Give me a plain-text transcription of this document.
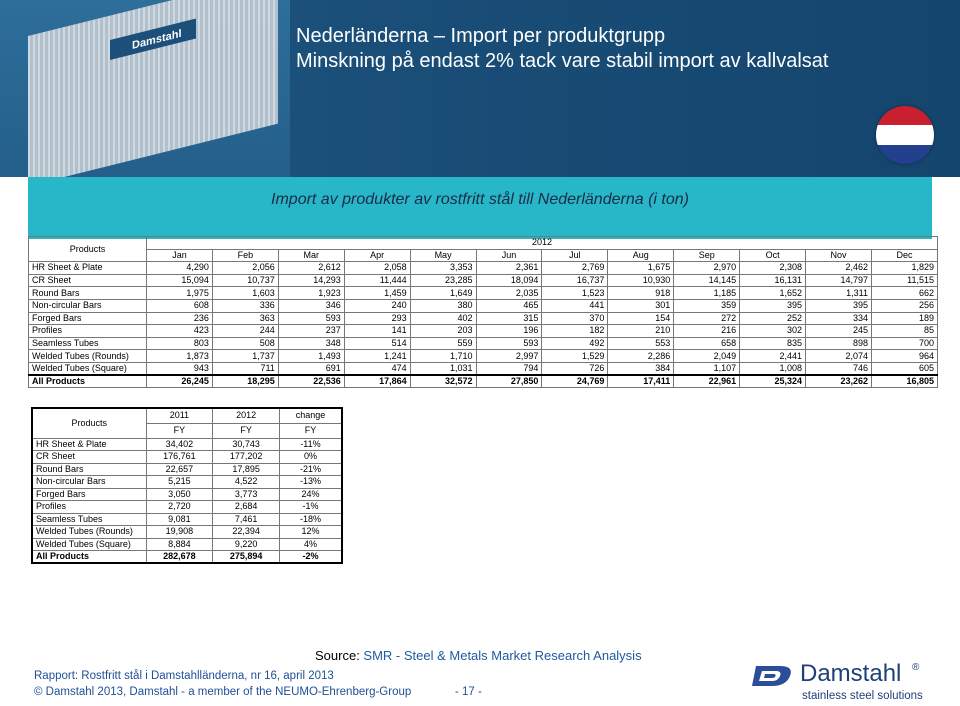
Damstahl	Nederländerna – Import per produktgrupp
Minskning på endast 2% tack vare stabil import av kallvalsat
Import av produkter av rostfritt stål till Nederländerna (i ton)
Products	2012											
	Jan	Feb	Mar	Apr	May	Jun	Jul	Aug	Sep	Oct	Nov	Dec
HR Sheet & Plate	4,290	2,056	2,612	2,058	3,353	2,361	2,769	1,675	2,970	2,308	2,462	1,829
CR Sheet	15,094	10,737	14,293	11,444	23,285	18,094	16,737	10,930	14,145	16,131	14,797	11,515
Round Bars	1,975	1,603	1,923	1,459	1,649	2,035	1,523	918	1,185	1,652	1,311	662
Non-circular Bars	608	336	346	240	380	465	441	301	359	395	395	256
Forged Bars	236	363	593	293	402	315	370	154	272	252	334	189
Profiles	423	244	237	141	203	196	182	210	216	302	245	85
Seamless Tubes	803	508	348	514	559	593	492	553	658	835	898	700
Welded Tubes (Rounds)	1,873	1,737	1,493	1,241	1,710	2,997	1,529	2,286	2,049	2,441	2,074	964
Welded Tubes (Square)	943	711	691	474	1,031	794	726	384	1,107	1,008	746	605
All Products	26,245	18,295	22,536	17,864	32,572	27,850	24,769	17,411	22,961	25,324	23,262	16,805
Products	2011	2012	change
	FY	FY	FY
HR Sheet & Plate	34,402	30,743	-11%
CR Sheet	176,761	177,202	0%
Round Bars	22,657	17,895	-21%
Non-circular Bars	5,215	4,522	-13%
Forged Bars	3,050	3,773	24%
Profiles	2,720	2,684	-1%
Seamless Tubes	9,081	7,461	-18%
Welded Tubes (Rounds)	19,908	22,394	12%
Welded Tubes (Square)	8,884	9,220	4%
All Products	282,678	275,894	-2%
Source: SMR - Steel & Metals Market Research Analysis
Rapport: Rostfritt stål i Damstahlländerna, nr 16, april 2013
© Damstahl 2013, Damstahl - a member of the NEUMO-Ehrenberg-Group	- 17 -
Damstahl ®
stainless steel solutions
